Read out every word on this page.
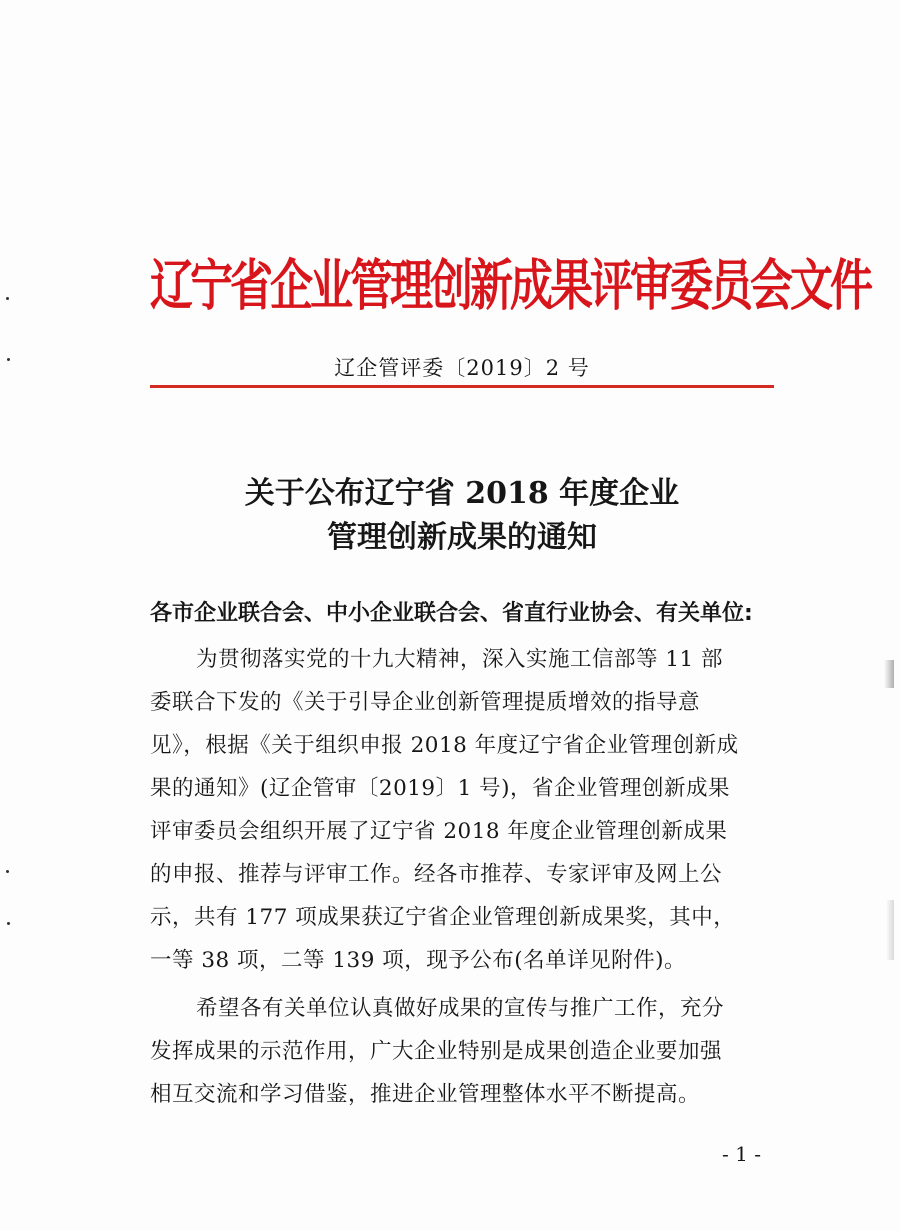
辽宁省企业管理创新成果评审委员会文件
辽企管评委〔2019〕2 号
关于公布辽宁省 2018 年度企业
管理创新成果的通知
各市企业联合会、中小企业联合会、省直行业协会、有关单位:
为贯彻落实党的十九大精神，深入实施工信部等 11 部
委联合下发的《关于引导企业创新管理提质增效的指导意
见》，根据《关于组织申报 2018 年度辽宁省企业管理创新成
果的通知》(辽企管审〔2019〕1 号)，省企业管理创新成果
评审委员会组织开展了辽宁省 2018 年度企业管理创新成果
的申报、推荐与评审工作。经各市推荐、专家评审及网上公
示，共有 177 项成果获辽宁省企业管理创新成果奖，其中，
一等 38 项，二等 139 项，现予公布(名单详见附件)。
希望各有关单位认真做好成果的宣传与推广工作，充分
发挥成果的示范作用，广大企业特别是成果创造企业要加强
相互交流和学习借鉴，推进企业管理整体水平不断提高。
- 1 -
